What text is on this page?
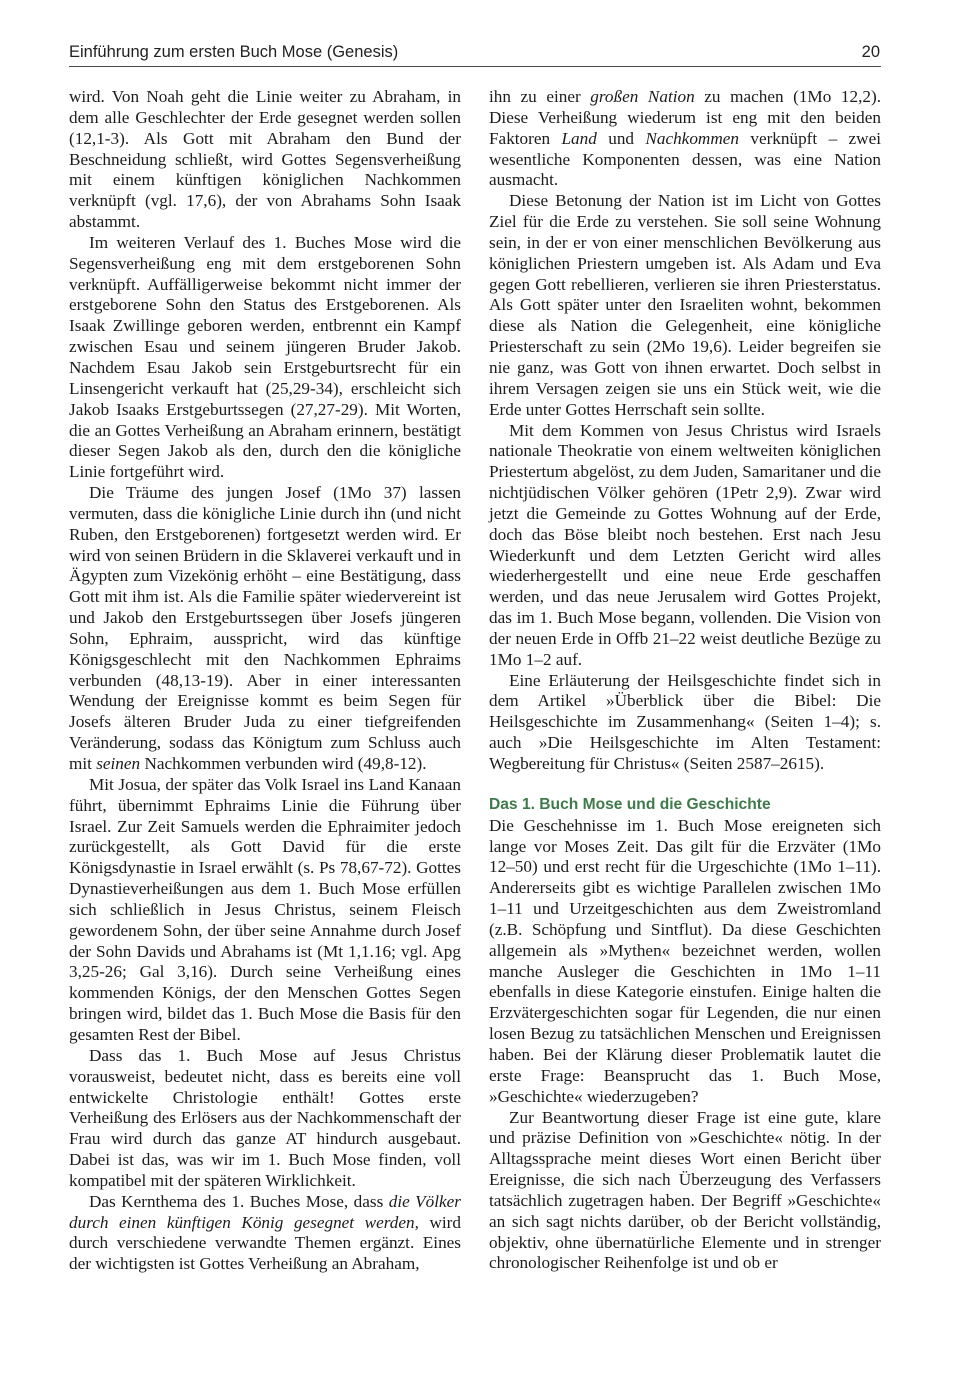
Einführung zum ersten Buch Mose (Genesis)	20

wird. Von Noah geht die Linie weiter zu Abraham, in dem alle Geschlechter der Erde gesegnet werden sollen (12,1-3). Als Gott mit Abraham den Bund der Beschneidung schließt, wird Gottes Segensverheißung mit einem künftigen königlichen Nachkommen verknüpft (vgl. 17,6), der von Abrahams Sohn Isaak abstammt.

Im weiteren Verlauf des 1. Buches Mose wird die Segensverheißung eng mit dem erstgeborenen Sohn verknüpft. Auffälligerweise bekommt nicht immer der erstgeborene Sohn den Status des Erstgeborenen. Als Isaak Zwillinge geboren werden, entbrennt ein Kampf zwischen Esau und seinem jüngeren Bruder Jakob. Nachdem Esau Jakob sein Erstgeburtsrecht für ein Linsengericht verkauft hat (25,29-34), erschleicht sich Jakob Isaaks Erstgeburtssegen (27,27-29). Mit Worten, die an Gottes Verheißung an Abraham erinnern, bestätigt dieser Segen Jakob als den, durch den die königliche Linie fortgeführt wird.

Die Träume des jungen Josef (1Mo 37) lassen vermuten, dass die königliche Linie durch ihn (und nicht Ruben, den Erstgeborenen) fortgesetzt werden wird. Er wird von seinen Brüdern in die Sklaverei verkauft und in Ägypten zum Vizekönig erhöht – eine Bestätigung, dass Gott mit ihm ist. Als die Familie später wiedervereint ist und Jakob den Erstgeburtssegen über Josefs jüngeren Sohn, Ephraim, ausspricht, wird das künftige Königsgeschlecht mit den Nachkommen Ephraims verbunden (48,13-19). Aber in einer interessanten Wendung der Ereignisse kommt es beim Segen für Josefs älteren Bruder Juda zu einer tiefgreifenden Veränderung, sodass das Königtum zum Schluss auch mit seinen Nachkommen verbunden wird (49,8-12).

Mit Josua, der später das Volk Israel ins Land Kanaan führt, übernimmt Ephraims Linie die Führung über Israel. Zur Zeit Samuels werden die Ephraimiter jedoch zurückgestellt, als Gott David für die erste Königsdynastie in Israel erwählt (s. Ps 78,67-72). Gottes Dynastieverheißungen aus dem 1. Buch Mose erfüllen sich schließlich in Jesus Christus, seinem Fleisch gewordenem Sohn, der über seine Annahme durch Josef der Sohn Davids und Abrahams ist (Mt 1,1.16; vgl. Apg 3,25-26; Gal 3,16). Durch seine Verheißung eines kommenden Königs, der den Menschen Gottes Segen bringen wird, bildet das 1. Buch Mose die Basis für den gesamten Rest der Bibel.

Dass das 1. Buch Mose auf Jesus Christus vorausweist, bedeutet nicht, dass es bereits eine voll entwickelte Christologie enthält! Gottes erste Verheißung des Erlösers aus der Nachkommenschaft der Frau wird durch das ganze AT hindurch ausgebaut. Dabei ist das, was wir im 1. Buch Mose finden, voll kompatibel mit der späteren Wirklichkeit.

Das Kernthema des 1. Buches Mose, dass die Völker durch einen künftigen König gesegnet werden, wird durch verschiedene verwandte Themen ergänzt. Eines der wichtigsten ist Gottes Verheißung an Abraham,

ihn zu einer großen Nation zu machen (1Mo 12,2). Diese Verheißung wiederum ist eng mit den beiden Faktoren Land und Nachkommen verknüpft – zwei wesentliche Komponenten dessen, was eine Nation ausmacht.

Diese Betonung der Nation ist im Licht von Gottes Ziel für die Erde zu verstehen. Sie soll seine Wohnung sein, in der er von einer menschlichen Bevölkerung aus königlichen Priestern umgeben ist. Als Adam und Eva gegen Gott rebellieren, verlieren sie ihren Priesterstatus. Als Gott später unter den Israeliten wohnt, bekommen diese als Nation die Gelegenheit, eine königliche Priesterschaft zu sein (2Mo 19,6). Leider begreifen sie nie ganz, was Gott von ihnen erwartet. Doch selbst in ihrem Versagen zeigen sie uns ein Stück weit, wie die Erde unter Gottes Herrschaft sein sollte.

Mit dem Kommen von Jesus Christus wird Israels nationale Theokratie von einem weltweiten königlichen Priestertum abgelöst, zu dem Juden, Samaritaner und die nichtjüdischen Völker gehören (1Petr 2,9). Zwar wird jetzt die Gemeinde zu Gottes Wohnung auf der Erde, doch das Böse bleibt noch bestehen. Erst nach Jesu Wiederkunft und dem Letzten Gericht wird alles wiederhergestellt und eine neue Erde geschaffen werden, und das neue Jerusalem wird Gottes Projekt, das im 1. Buch Mose begann, vollenden. Die Vision von der neuen Erde in Offb 21–22 weist deutliche Bezüge zu 1Mo 1–2 auf.

Eine Erläuterung der Heilsgeschichte findet sich in dem Artikel »Überblick über die Bibel: Die Heilsgeschichte im Zusammenhang« (Seiten 1–4); s. auch »Die Heilsgeschichte im Alten Testament: Wegbereitung für Christus« (Seiten 2587–2615).

Das 1. Buch Mose und die Geschichte

Die Geschehnisse im 1. Buch Mose ereigneten sich lange vor Moses Zeit. Das gilt für die Erzväter (1Mo 12–50) und erst recht für die Urgeschichte (1Mo 1–11). Andererseits gibt es wichtige Parallelen zwischen 1Mo 1–11 und Urzeitgeschichten aus dem Zweistromland (z.B. Schöpfung und Sintflut). Da diese Geschichten allgemein als »Mythen« bezeichnet werden, wollen manche Ausleger die Geschichten in 1Mo 1–11 ebenfalls in diese Kategorie einstufen. Einige halten die Erzvätergeschichten sogar für Legenden, die nur einen losen Bezug zu tatsächlichen Menschen und Ereignissen haben. Bei der Klärung dieser Problematik lautet die erste Frage: Beansprucht das 1. Buch Mose, »Geschichte« wiederzugeben?

Zur Beantwortung dieser Frage ist eine gute, klare und präzise Definition von »Geschichte« nötig. In der Alltagssprache meint dieses Wort einen Bericht über Ereignisse, die sich nach Überzeugung des Verfassers tatsächlich zugetragen haben. Der Begriff »Geschichte« an sich sagt nichts darüber, ob der Bericht vollständig, objektiv, ohne übernatürliche Elemente und in strenger chronologischer Reihenfolge ist und ob er
